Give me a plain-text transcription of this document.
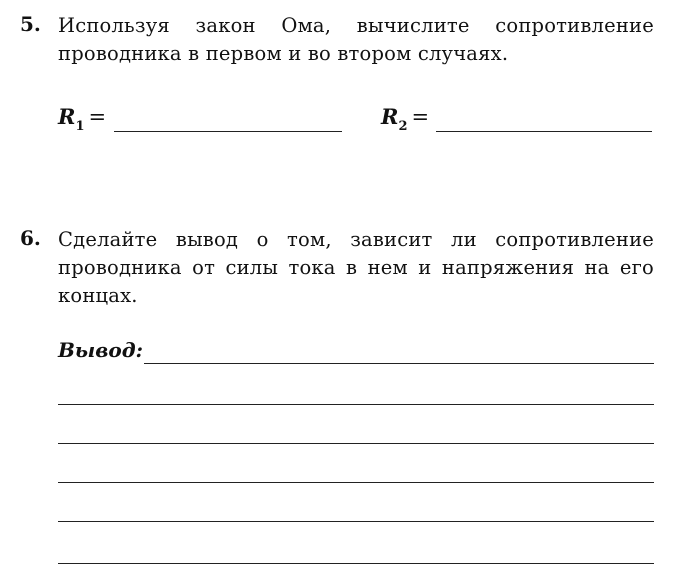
5. Используя закон Ома, вычислите сопротивление проводника в первом и во втором случаях.
$R_1$ =	$R_2$ =
6. Сделайте вывод о том, зависит ли сопротивление проводника от силы тока в нем и напряжения на его концах.
Вывод:
